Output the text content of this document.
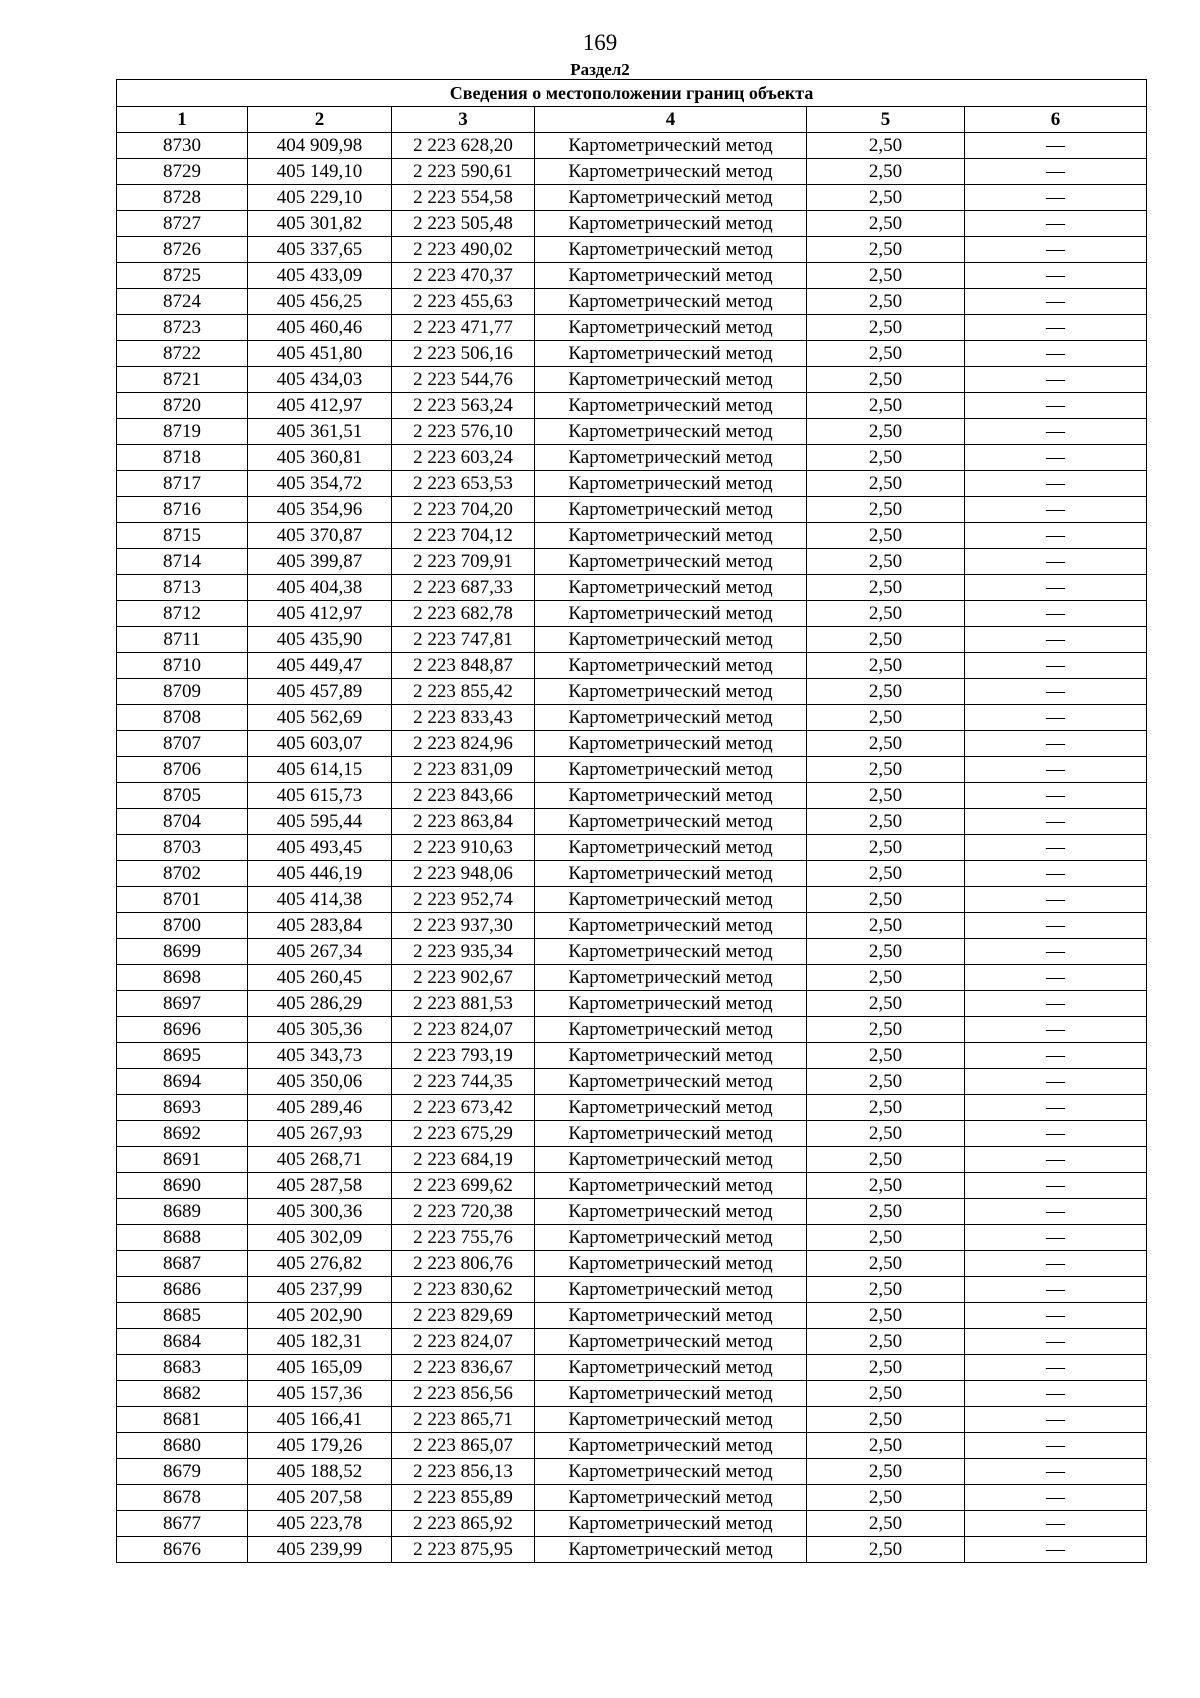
169
Раздел2
Сведения о местоположении границ объекта					
1	2	3	4	5	6
8730	404 909,98	2 223 628,20	Картометрический метод	2,50	—
8729	405 149,10	2 223 590,61	Картометрический метод	2,50	—
8728	405 229,10	2 223 554,58	Картометрический метод	2,50	—
8727	405 301,82	2 223 505,48	Картометрический метод	2,50	—
8726	405 337,65	2 223 490,02	Картометрический метод	2,50	—
8725	405 433,09	2 223 470,37	Картометрический метод	2,50	—
8724	405 456,25	2 223 455,63	Картометрический метод	2,50	—
8723	405 460,46	2 223 471,77	Картометрический метод	2,50	—
8722	405 451,80	2 223 506,16	Картометрический метод	2,50	—
8721	405 434,03	2 223 544,76	Картометрический метод	2,50	—
8720	405 412,97	2 223 563,24	Картометрический метод	2,50	—
8719	405 361,51	2 223 576,10	Картометрический метод	2,50	—
8718	405 360,81	2 223 603,24	Картометрический метод	2,50	—
8717	405 354,72	2 223 653,53	Картометрический метод	2,50	—
8716	405 354,96	2 223 704,20	Картометрический метод	2,50	—
8715	405 370,87	2 223 704,12	Картометрический метод	2,50	—
8714	405 399,87	2 223 709,91	Картометрический метод	2,50	—
8713	405 404,38	2 223 687,33	Картометрический метод	2,50	—
8712	405 412,97	2 223 682,78	Картометрический метод	2,50	—
8711	405 435,90	2 223 747,81	Картометрический метод	2,50	—
8710	405 449,47	2 223 848,87	Картометрический метод	2,50	—
8709	405 457,89	2 223 855,42	Картометрический метод	2,50	—
8708	405 562,69	2 223 833,43	Картометрический метод	2,50	—
8707	405 603,07	2 223 824,96	Картометрический метод	2,50	—
8706	405 614,15	2 223 831,09	Картометрический метод	2,50	—
8705	405 615,73	2 223 843,66	Картометрический метод	2,50	—
8704	405 595,44	2 223 863,84	Картометрический метод	2,50	—
8703	405 493,45	2 223 910,63	Картометрический метод	2,50	—
8702	405 446,19	2 223 948,06	Картометрический метод	2,50	—
8701	405 414,38	2 223 952,74	Картометрический метод	2,50	—
8700	405 283,84	2 223 937,30	Картометрический метод	2,50	—
8699	405 267,34	2 223 935,34	Картометрический метод	2,50	—
8698	405 260,45	2 223 902,67	Картометрический метод	2,50	—
8697	405 286,29	2 223 881,53	Картометрический метод	2,50	—
8696	405 305,36	2 223 824,07	Картометрический метод	2,50	—
8695	405 343,73	2 223 793,19	Картометрический метод	2,50	—
8694	405 350,06	2 223 744,35	Картометрический метод	2,50	—
8693	405 289,46	2 223 673,42	Картометрический метод	2,50	—
8692	405 267,93	2 223 675,29	Картометрический метод	2,50	—
8691	405 268,71	2 223 684,19	Картометрический метод	2,50	—
8690	405 287,58	2 223 699,62	Картометрический метод	2,50	—
8689	405 300,36	2 223 720,38	Картометрический метод	2,50	—
8688	405 302,09	2 223 755,76	Картометрический метод	2,50	—
8687	405 276,82	2 223 806,76	Картометрический метод	2,50	—
8686	405 237,99	2 223 830,62	Картометрический метод	2,50	—
8685	405 202,90	2 223 829,69	Картометрический метод	2,50	—
8684	405 182,31	2 223 824,07	Картометрический метод	2,50	—
8683	405 165,09	2 223 836,67	Картометрический метод	2,50	—
8682	405 157,36	2 223 856,56	Картометрический метод	2,50	—
8681	405 166,41	2 223 865,71	Картометрический метод	2,50	—
8680	405 179,26	2 223 865,07	Картометрический метод	2,50	—
8679	405 188,52	2 223 856,13	Картометрический метод	2,50	—
8678	405 207,58	2 223 855,89	Картометрический метод	2,50	—
8677	405 223,78	2 223 865,92	Картометрический метод	2,50	—
8676	405 239,99	2 223 875,95	Картометрический метод	2,50	—
